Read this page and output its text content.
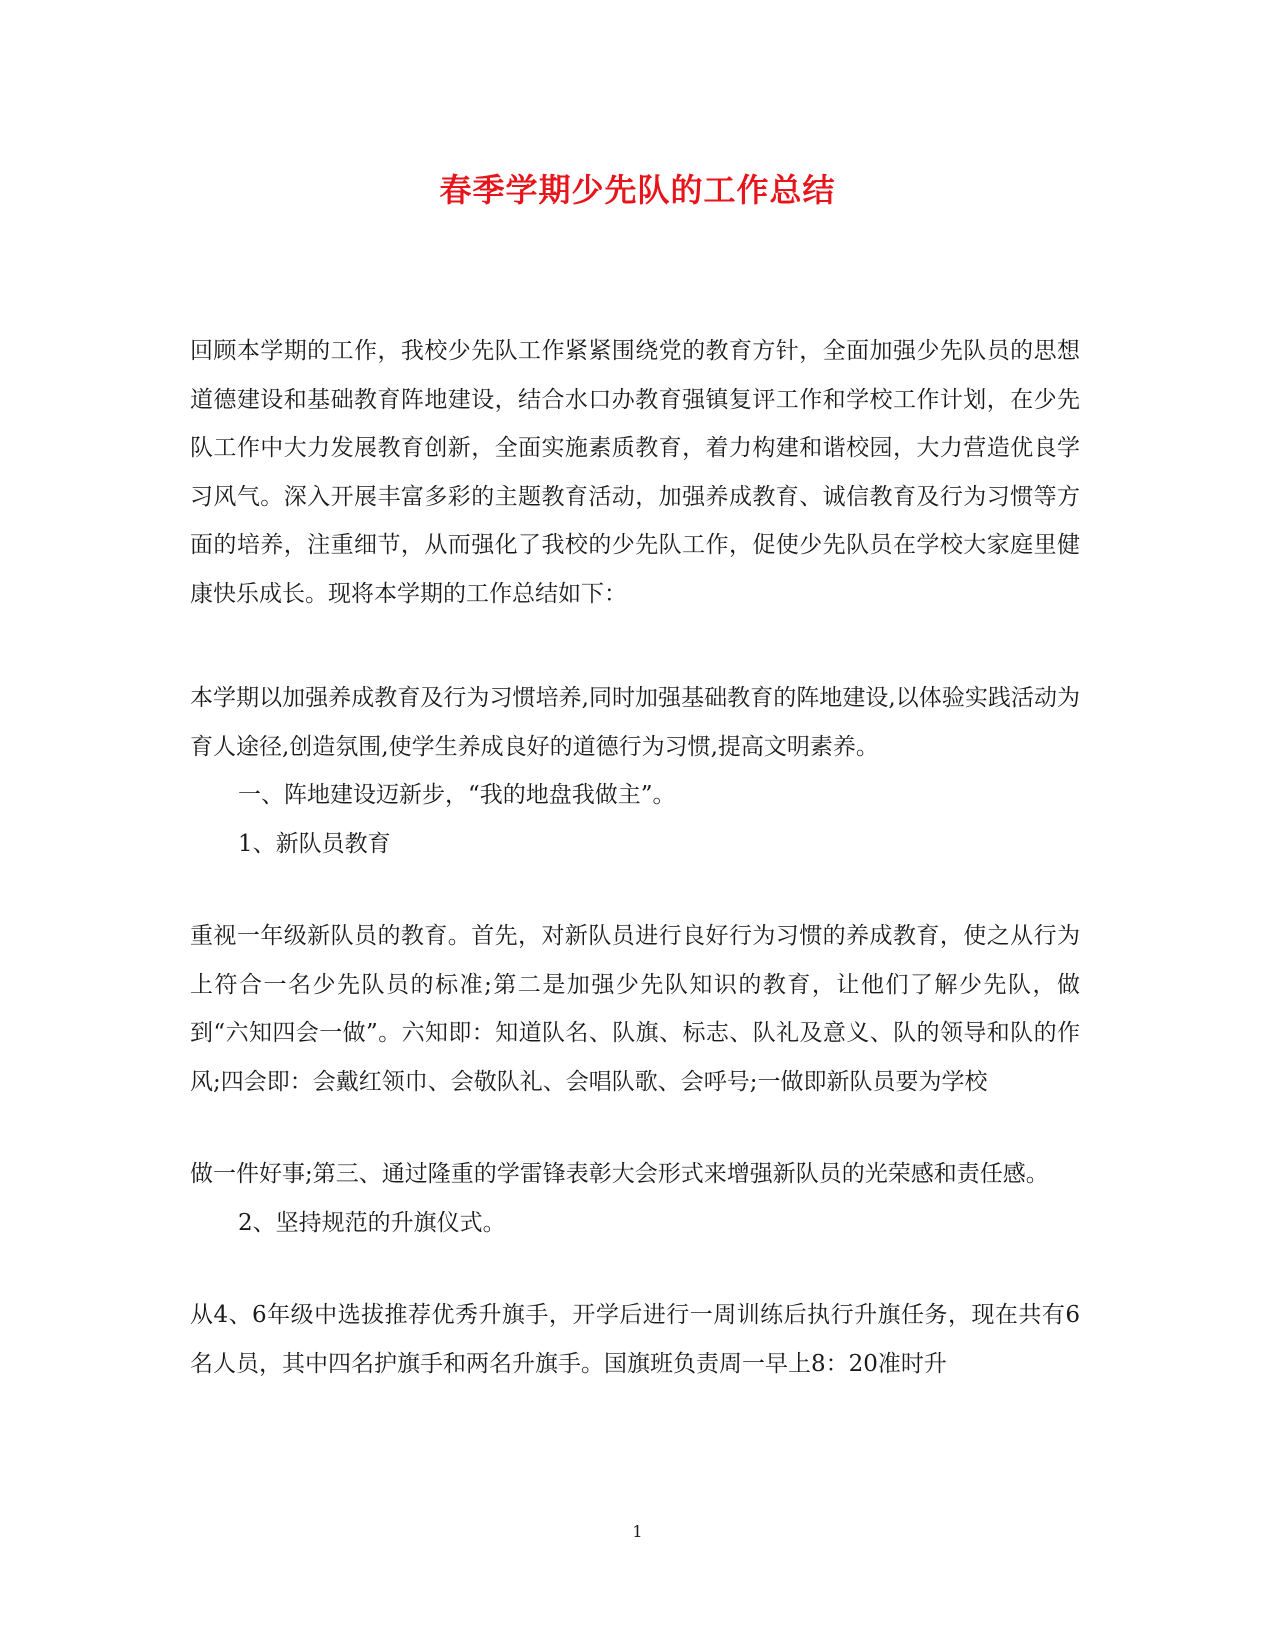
春季学期少先队的工作总结

回顾本学期的工作，我校少先队工作紧紧围绕党的教育方针，全面加强少先队员的思想道德建设和基础教育阵地建设，结合水口办教育强镇复评工作和学校工作计划，在少先队工作中大力发展教育创新，全面实施素质教育，着力构建和谐校园，大力营造优良学习风气。深入开展丰富多彩的主题教育活动，加强养成教育、诚信教育及行为习惯等方面的培养，注重细节，从而强化了我校的少先队工作，促使少先队员在学校大家庭里健康快乐成长。现将本学期的工作总结如下：

本学期以加强养成教育及行为习惯培养,同时加强基础教育的阵地建设,以体验实践活动为育人途径,创造氛围,使学生养成良好的道德行为习惯,提高文明素养。

一、阵地建设迈新步，“我的地盘我做主”。

1、新队员教育

重视一年级新队员的教育。首先，对新队员进行良好行为习惯的养成教育，使之从行为上符合一名少先队员的标准;第二是加强少先队知识的教育，让他们了解少先队，做到“六知四会一做”。六知即：知道队名、队旗、标志、队礼及意义、队的领导和队的作风;四会即：会戴红领巾、会敬队礼、会唱队歌、会呼号;一做即新队员要为学校

做一件好事;第三、通过隆重的学雷锋表彰大会形式来增强新队员的光荣感和责任感。

2、坚持规范的升旗仪式。

从4、6年级中选拔推荐优秀升旗手，开学后进行一周训练后执行升旗任务，现在共有6名人员，其中四名护旗手和两名升旗手。国旗班负责周一早上8：20准时升

1
